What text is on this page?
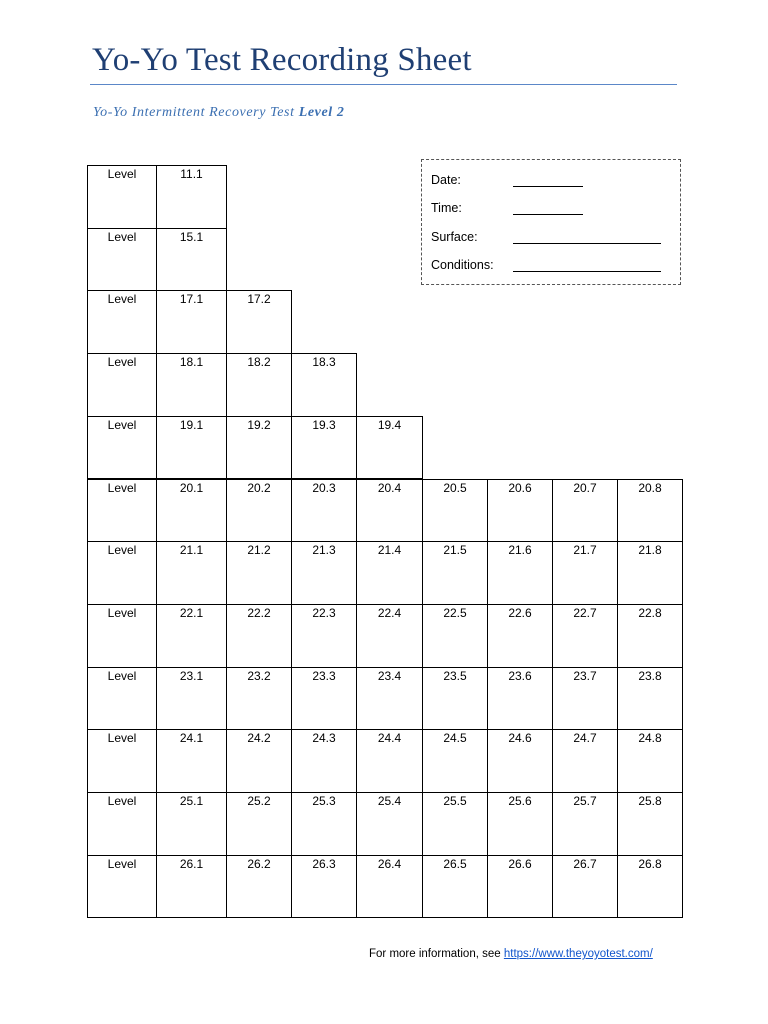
Yo-Yo Test Recording Sheet
Yo-Yo Intermittent Recovery Test Level 2
Level	11.1
Level	15.1
Level	17.1	17.2
Level	18.1	18.2	18.3
Level	19.1	19.2	19.3	19.4
Level	20.1	20.2	20.3	20.4	20.5	20.6	20.7	20.8
Level	21.1	21.2	21.3	21.4	21.5	21.6	21.7	21.8
Level	22.1	22.2	22.3	22.4	22.5	22.6	22.7	22.8
Level	23.1	23.2	23.3	23.4	23.5	23.6	23.7	23.8
Level	24.1	24.2	24.3	24.4	24.5	24.6	24.7	24.8
Level	25.1	25.2	25.3	25.4	25.5	25.6	25.7	25.8
Level	26.1	26.2	26.3	26.4	26.5	26.6	26.7	26.8
Date:
Time:
Surface:
Conditions:
For more information, see https://www.theyoyotest.com/
